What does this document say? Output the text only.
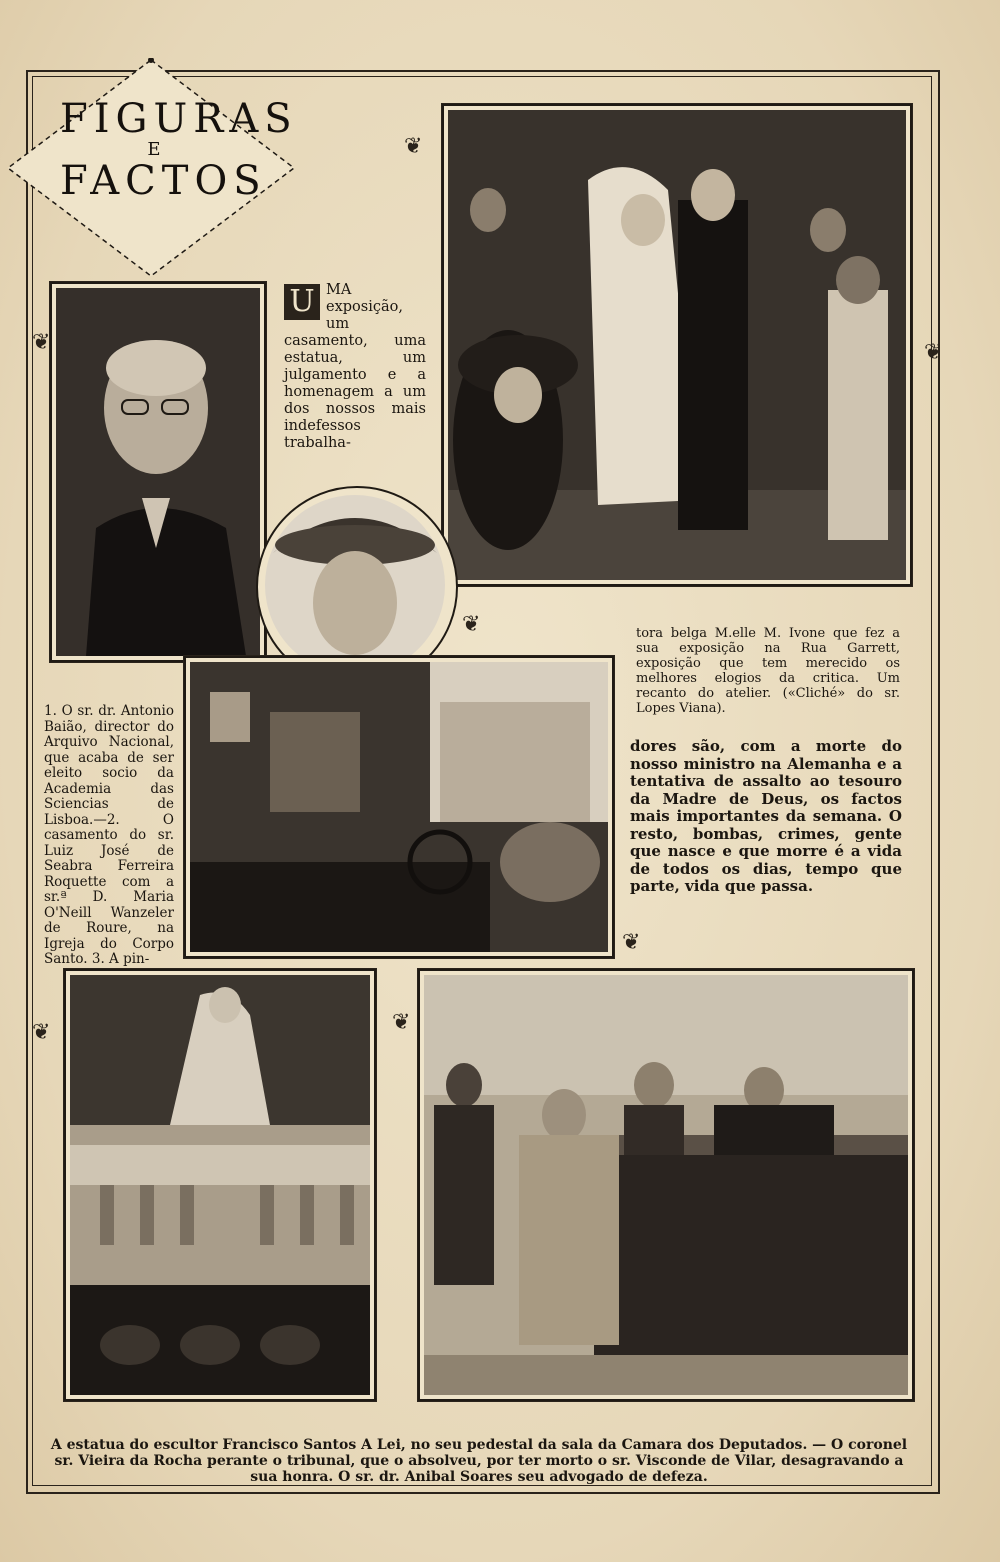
FIGURAS
E
FACTOS
❦
❦	❦
❦
❦
❦	❦
U MA exposição, um casamento, uma estatua, um julgamento e a homenagem a um dos nossos mais indefessos trabalha-
1. O sr. dr. Antonio Baião, director do Arquivo Nacional, que acaba de ser eleito socio da Academia das Sciencias de Lisboa.—2. O casamento do sr. Luiz José de Seabra Ferreira Roquette com a sr.ª D. Maria O'Neill Wanzeler de Roure, na Igreja do Corpo Santo. 3. A pin-
tora belga M.elle M. Ivone que fez a sua exposição na Rua Garrett, exposição que tem merecido os melhores elogios da critica. Um recanto do atelier. («Cliché» do sr. Lopes Viana).
dores são, com a morte do nosso ministro na Alemanha e a tentativa de assalto ao tesouro da Madre de Deus, os factos mais importantes da semana. O resto, bombas, crimes, gente que nasce e que morre é a vida de todos os dias, tempo que parte, vida que passa.
A estatua do escultor Francisco Santos A Lei, no seu pedestal da sala da Camara dos Deputados. — O coronel sr. Vieira da Rocha perante o tribunal, que o absolveu, por ter morto o sr. Visconde de Vilar, desagravando a sua honra. O sr. dr. Anibal Soares seu advogado de defeza.
